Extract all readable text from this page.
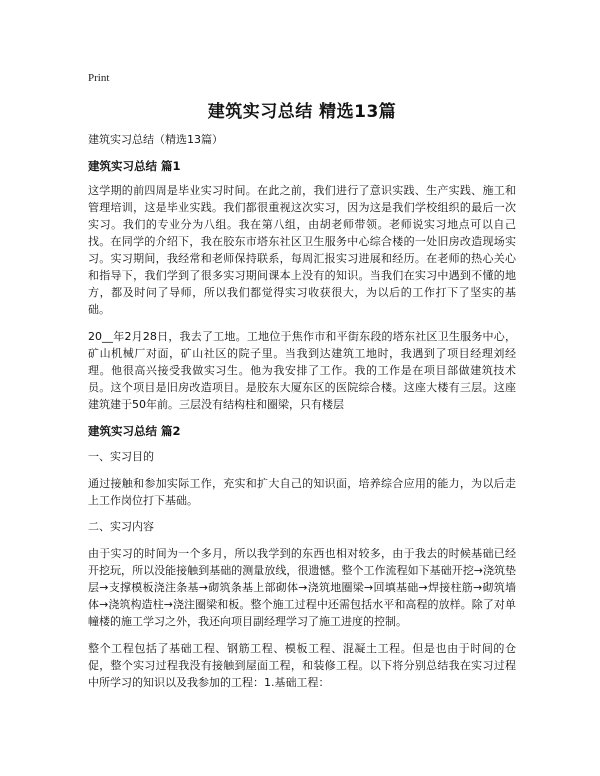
Print
建筑实习总结 精选13篇

建筑实习总结（精选13篇）

建筑实习总结 篇1

这学期的前四周是毕业实习时间。在此之前，我们进行了意识实践、生产实践、施工和管理培训，这是毕业实践。我们都很重视这次实习，因为这是我们学校组织的最后一次实习。我们的专业分为八组。我在第八组，由胡老师带领。老师说实习地点可以自己找。在同学的介绍下，我在胶东市塔东社区卫生服务中心综合楼的一处旧房改造现场实习。实习期间，我经常和老师保持联系，每周汇报实习进展和经历。在老师的热心关心和指导下，我们学到了很多实习期间课本上没有的知识。当我们在实习中遇到不懂的地方，都及时问了导师，所以我们都觉得实习收获很大，为以后的工作打下了坚实的基础。

20__年2月28日，我去了工地。工地位于焦作市和平街东段的塔东社区卫生服务中心，矿山机械厂对面，矿山社区的院子里。当我到达建筑工地时，我遇到了项目经理刘经理。他很高兴接受我做实习生。他为我安排了工作。我的工作是在项目部做建筑技术员。这个项目是旧房改造项目。是胶东大厦东区的医院综合楼。这座大楼有三层。这座建筑建于50年前。三层没有结构柱和圈梁，只有楼层

建筑实习总结 篇2

一、实习目的

通过接触和参加实际工作，充实和扩大自己的知识面，培养综合应用的能力，为以后走上工作岗位打下基础。

二、实习内容

由于实习的时间为一个多月，所以我学到的东西也相对较多，由于我去的时候基础已经开挖玩，所以没能接触到基础的测量放线，很遗憾。整个工作流程如下基础开挖→浇筑垫层→支撑模板浇注条基→砌筑条基上部砌体→浇筑地圈梁→回填基础→焊接柱筋→砌筑墙体→浇筑构造柱→浇注圈梁和板。整个施工过程中还需包括水平和高程的放样。除了对单幢楼的施工学习之外，我还向项目副经理学习了施工进度的控制。

整个工程包括了基础工程、钢筋工程、模板工程、混凝土工程。但是也由于时间的仓促，整个实习过程我没有接触到屋面工程，和装修工程。以下将分别总结我在实习过程中所学习的知识以及我参加的工程：1.基础工程：
